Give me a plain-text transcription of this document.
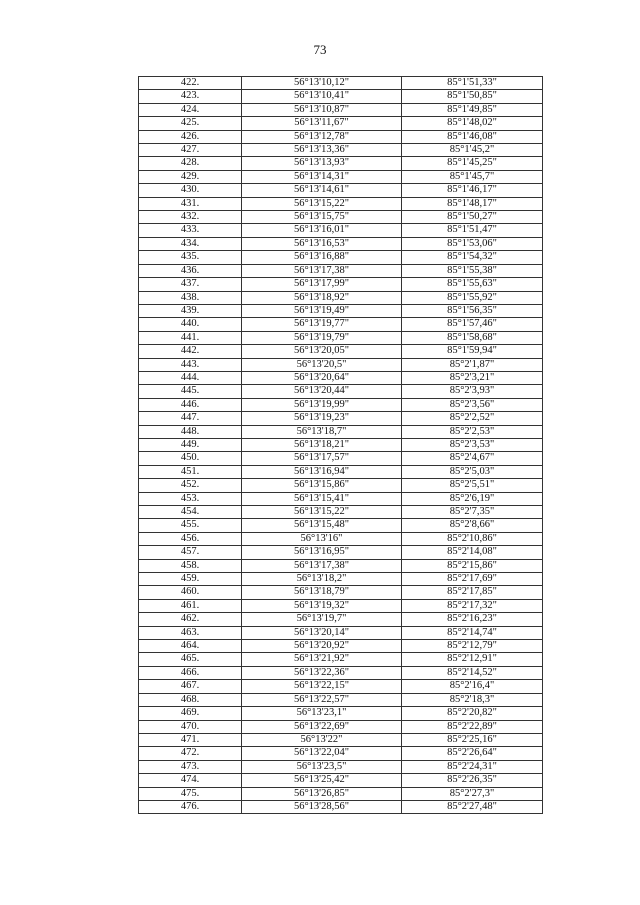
73
422.	56°13'10,12"	85°1'51,33"
423.	56°13'10,41"	85°1'50,85"
424.	56°13'10,87"	85°1'49,85"
425.	56°13'11,67"	85°1'48,02"
426.	56°13'12,78"	85°1'46,08"
427.	56°13'13,36"	85°1'45,2"
428.	56°13'13,93"	85°1'45,25"
429.	56°13'14,31"	85°1'45,7"
430.	56°13'14,61"	85°1'46,17"
431.	56°13'15,22"	85°1'48,17"
432.	56°13'15,75"	85°1'50,27"
433.	56°13'16,01"	85°1'51,47"
434.	56°13'16,53"	85°1'53,06"
435.	56°13'16,88"	85°1'54,32"
436.	56°13'17,38"	85°1'55,38"
437.	56°13'17,99"	85°1'55,63"
438.	56°13'18,92"	85°1'55,92"
439.	56°13'19,49"	85°1'56,35"
440.	56°13'19,77"	85°1'57,46"
441.	56°13'19,79"	85°1'58,68"
442.	56°13'20,05"	85°1'59,94"
443.	56°13'20,5"	85°2'1,87"
444.	56°13'20,64"	85°2'3,21"
445.	56°13'20,44"	85°2'3,93"
446.	56°13'19,99"	85°2'3,56"
447.	56°13'19,23"	85°2'2,52"
448.	56°13'18,7"	85°2'2,53"
449.	56°13'18,21"	85°2'3,53"
450.	56°13'17,57"	85°2'4,67"
451.	56°13'16,94"	85°2'5,03"
452.	56°13'15,86"	85°2'5,51"
453.	56°13'15,41"	85°2'6,19"
454.	56°13'15,22"	85°2'7,35"
455.	56°13'15,48"	85°2'8,66"
456.	56°13'16"	85°2'10,86"
457.	56°13'16,95"	85°2'14,08"
458.	56°13'17,38"	85°2'15,86"
459.	56°13'18,2"	85°2'17,69"
460.	56°13'18,79"	85°2'17,85"
461.	56°13'19,32"	85°2'17,32"
462.	56°13'19,7"	85°2'16,23"
463.	56°13'20,14"	85°2'14,74"
464.	56°13'20,92"	85°2'12,79"
465.	56°13'21,92"	85°2'12,91"
466.	56°13'22,36"	85°2'14,52"
467.	56°13'22,15"	85°2'16,4"
468.	56°13'22,57"	85°2'18,3"
469.	56°13'23,1"	85°2'20,82"
470.	56°13'22,69"	85°2'22,89"
471.	56°13'22"	85°2'25,16"
472.	56°13'22,04"	85°2'26,64"
473.	56°13'23,5"	85°2'24,31"
474.	56°13'25,42"	85°2'26,35"
475.	56°13'26,85"	85°2'27,3"
476.	56°13'28,56"	85°2'27,48"
